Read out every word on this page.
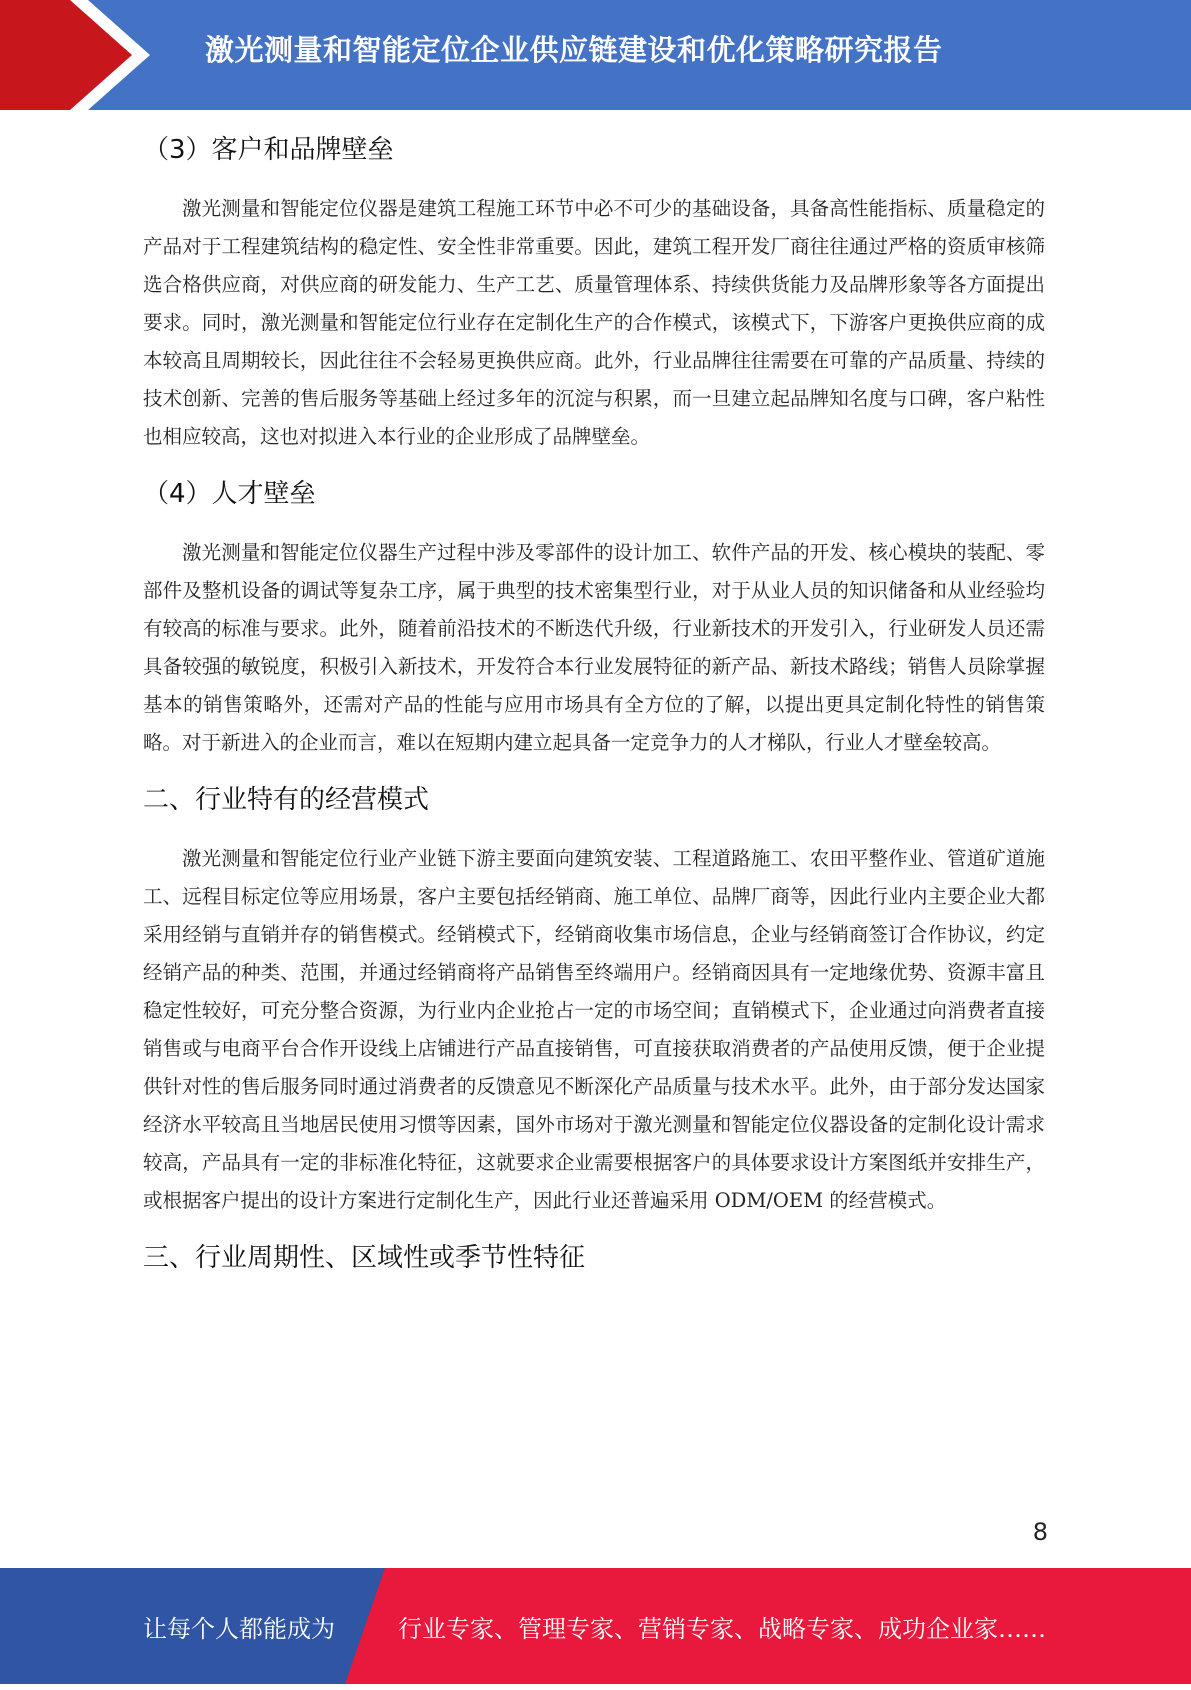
激光测量和智能定位企业供应链建设和优化策略研究报告
（3）客户和品牌壁垒

激光测量和智能定位仪器是建筑工程施工环节中必不可少的基础设备，具备高性能指标、质量稳定的产品对于工程建筑结构的稳定性、安全性非常重要。因此，建筑工程开发厂商往往通过严格的资质审核筛选合格供应商，对供应商的研发能力、生产工艺、质量管理体系、持续供货能力及品牌形象等各方面提出要求。同时，激光测量和智能定位行业存在定制化生产的合作模式，该模式下，下游客户更换供应商的成本较高且周期较长，因此往往不会轻易更换供应商。此外，行业品牌往往需要在可靠的产品质量、持续的技术创新、完善的售后服务等基础上经过多年的沉淀与积累，而一旦建立起品牌知名度与口碑，客户粘性也相应较高，这也对拟进入本行业的企业形成了品牌壁垒。

（4）人才壁垒

激光测量和智能定位仪器生产过程中涉及零部件的设计加工、软件产品的开发、核心模块的装配、零部件及整机设备的调试等复杂工序，属于典型的技术密集型行业，对于从业人员的知识储备和从业经验均有较高的标准与要求。此外，随着前沿技术的不断迭代升级，行业新技术的开发引入，行业研发人员还需具备较强的敏锐度，积极引入新技术，开发符合本行业发展特征的新产品、新技术路线；销售人员除掌握基本的销售策略外，还需对产品的性能与应用市场具有全方位的了解，以提出更具定制化特性的销售策略。对于新进入的企业而言，难以在短期内建立起具备一定竞争力的人才梯队，行业人才壁垒较高。

二、行业特有的经营模式

激光测量和智能定位行业产业链下游主要面向建筑安装、工程道路施工、农田平整作业、管道矿道施工、远程目标定位等应用场景，客户主要包括经销商、施工单位、品牌厂商等，因此行业内主要企业大都采用经销与直销并存的销售模式。经销模式下，经销商收集市场信息，企业与经销商签订合作协议，约定经销产品的种类、范围，并通过经销商将产品销售至终端用户。经销商因具有一定地缘优势、资源丰富且稳定性较好，可充分整合资源，为行业内企业抢占一定的市场空间；直销模式下，企业通过向消费者直接销售或与电商平台合作开设线上店铺进行产品直接销售，可直接获取消费者的产品使用反馈，便于企业提供针对性的售后服务同时通过消费者的反馈意见不断深化产品质量与技术水平。此外，由于部分发达国家经济水平较高且当地居民使用习惯等因素，国外市场对于激光测量和智能定位仪器设备的定制化设计需求较高，产品具有一定的非标准化特征，这就要求企业需要根据客户的具体要求设计方案图纸并安排生产，或根据客户提出的设计方案进行定制化生产，因此行业还普遍采用 ODM/OEM 的经营模式。

三、行业周期性、区域性或季节性特征
8
让每个人都能成为	行业专家、管理专家、营销专家、战略专家、成功企业家……
